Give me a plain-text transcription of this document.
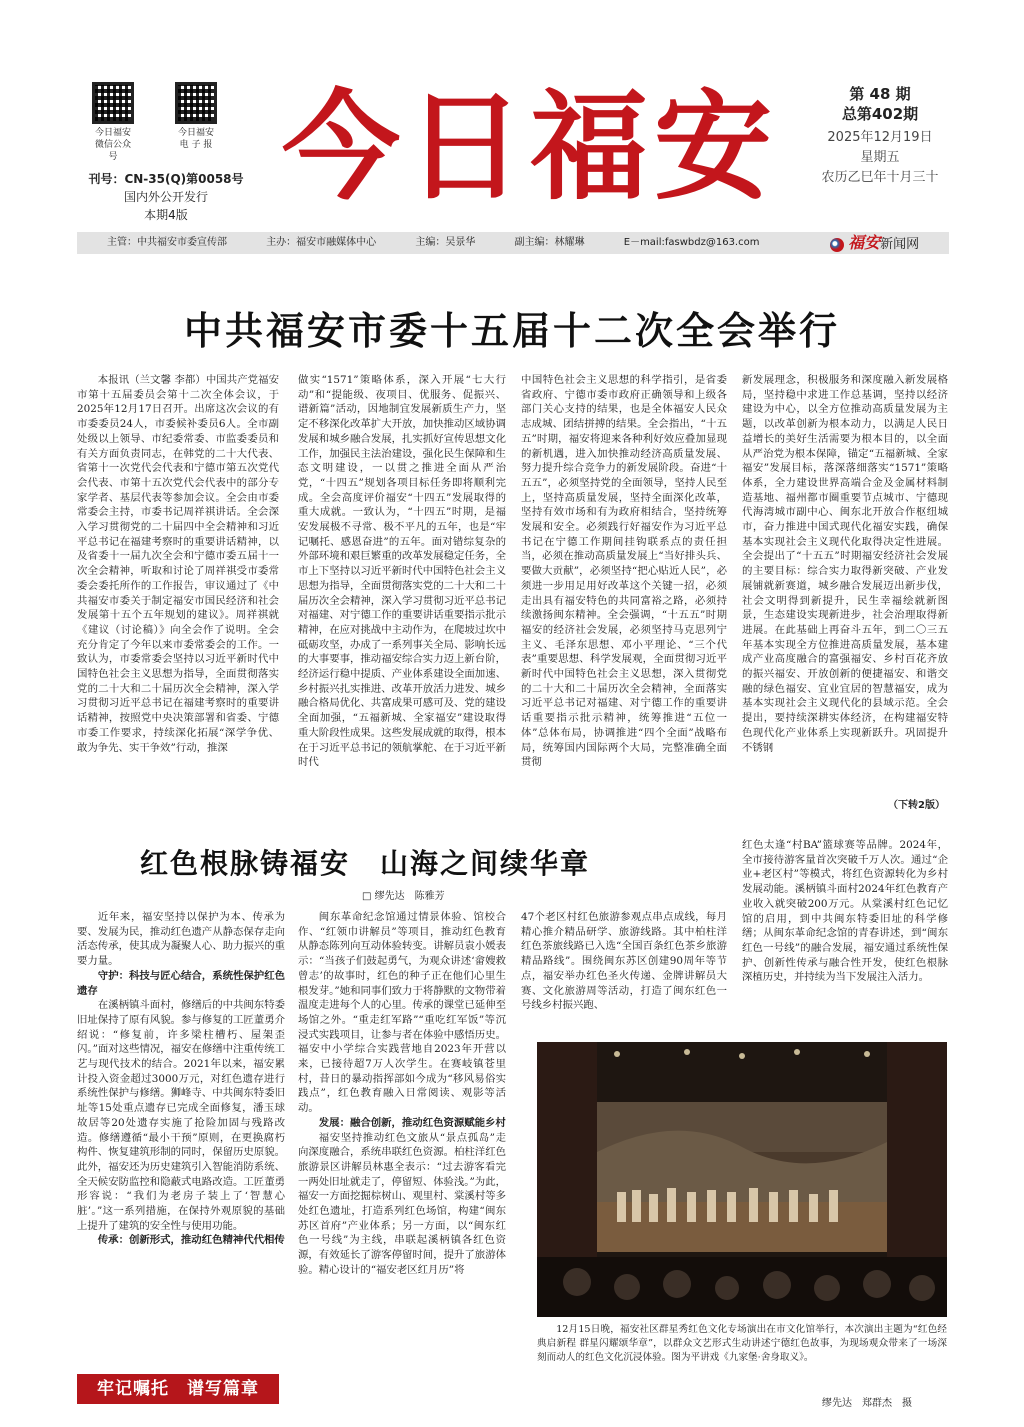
今日福安
微信公众号
今日福安
电 子 报
刊号：CN-35(Q)第0058号
国内外公开发行
本期4版 今日福安	第 48 期
总第402期
2025年12月19日
星期五
农历乙巳年十月三十
主管：中共福安市委宣传部	主办：福安市融媒体中心	主编：吴景华	副主编：林耀琳	E－mail:faswbdz@163.com	福安新闻网
中共福安市委十五届十二次全会举行

本报讯（兰文馨 李都）中国共产党福安市第十五届委员会第十二次全体会议，于2025年12月17日召开。出席这次会议的有市委委员24人，市委候补委员6人。全市副处级以上领导、市纪委常委、市监委委员和有关方面负责同志，在韩党的二十大代表、省第十一次党代会代表和宁德市第五次党代会代表、市第十五次党代会代表中的部分专家学者、基层代表等参加会议。全会由市委常委会主持，市委书记周祥祺讲话。全会深入学习贯彻党的二十届四中全会精神和习近平总书记在福建考察时的重要讲话精神，以及省委十一届九次全会和宁德市委五届十一次全会精神，听取和讨论了周祥祺受市委常委会委托所作的工作报告，审议通过了《中共福安市委关于制定福安市国民经济和社会发展第十五个五年规划的建议》。周祥祺就《建议（讨论稿）》向全会作了说明。全会充分肯定了今年以来市委常委会的工作。一致认为，市委常委会坚持以习近平新时代中国特色社会主义思想为指导，全面贯彻落实党的二十大和二十届历次全会精神，深入学习贯彻习近平总书记在福建考察时的重要讲话精神，按照党中央决策部署和省委、宁德市委工作要求，持续深化拓展“深学争优、敢为争先、实干争效”行动，推深

做实“1571”策略体系，深入开展“七大行动”和“提能级、夜项目、优服务、促振兴、谱新篇”活动，因地制宜发展新质生产力，坚定不移深化改革扩大开放，加快推动区域协调发展和城乡融合发展，扎实抓好宣传思想文化工作，加强民主法治建设，强化民生保障和生态文明建设，一以贯之推进全面从严治党，“十四五”规划各项目标任务即将顺利完成。全会高度评价福安“十四五”发展取得的重大成就。一致认为，“十四五”时期，是福安发展极不寻常、极不平凡的五年，也是“牢记嘱托、感恩奋进”的五年。面对错综复杂的外部环境和艰巨繁重的改革发展稳定任务，全市上下坚持以习近平新时代中国特色社会主义思想为指导，全面贯彻落实党的二十大和二十届历次全会精神，深入学习贯彻习近平总书记对福建、对宁德工作的重要讲话重要指示批示精神，在应对挑战中主动作为，在爬坡过坎中砥砺攻坚，办成了一系列事关全局、影响长远的大事要事，推动福安综合实力迈上新台阶，经济运行稳中提质、产业体系建设全面加速、乡村振兴扎实推进、改革开放活力进发、城乡融合格局优化、共富成果可感可及、党的建设全面加强，“五福新城、全家福安”建设取得重大阶段性成果。这些发展成就的取得，根本在于习近平总书记的领航掌舵、在于习近平新时代

中国特色社会主义思想的科学指引，是省委省政府、宁德市委市政府正确领导和上级各部门关心支持的结果，也是全体福安人民众志成城、团结拼搏的结果。全会指出，“十五五”时期，福安将迎来各种利好效应叠加显现的新机遇，进入加快推动经济高质量发展、努力提升综合竞争力的新发展阶段。奋进“十五五”，必须坚持党的全面领导，坚持人民至上，坚持高质量发展，坚持全面深化改革，坚持有效市场和有为政府相结合，坚持统筹发展和安全。必须践行好福安作为习近平总书记在宁德工作期间挂钩联系点的责任担当，必须在推动高质量发展上“当好排头兵、要做大贡献”，必须坚持“把心贴近人民”，必须进一步用足用好改革这个关键一招，必须走出具有福安特色的共同富裕之路，必须持续激扬闽东精神。全会强调，“十五五”时期福安的经济社会发展，必须坚持马克思列宁主义、毛泽东思想、邓小平理论、“三个代表”重要思想、科学发展观，全面贯彻习近平新时代中国特色社会主义思想，深入贯彻党的二十大和二十届历次全会精神，全面落实习近平总书记对福建、对宁德工作的重要讲话重要指示批示精神，统筹推进“五位一体”总体布局，协调推进“四个全面”战略布局，统筹国内国际两个大局，完整准确全面贯彻

新发展理念，积极服务和深度融入新发展格局，坚持稳中求进工作总基调，坚持以经济建设为中心，以全方位推动高质量发展为主题，以改革创新为根本动力，以满足人民日益增长的美好生活需要为根本目的，以全面从严治党为根本保障，锚定“五福新城、全家福安”发展目标，落深落细落实“1571”策略体系，全力建设世界高端合金及金属材料制造基地、福州都市圈重要节点城市、宁德现代海湾城市副中心、闽东北开放合作枢纽城市，奋力推进中国式现代化福安实践，确保基本实现社会主义现代化取得决定性进展。全会提出了“十五五”时期福安经济社会发展的主要目标：综合实力取得新突破、产业发展铺就新赛道，城乡融合发展迈出新步伐，社会文明得到新提升，民生幸福绘就新图景，生态建设实现新进步，社会治理取得新进展。在此基础上再奋斗五年，到二〇三五年基本实现全方位推进高质量发展，基本建成产业高度融合的富强福安、乡村百花齐放的振兴福安、开放创新的便捷福安、和谐交融的绿色福安、宜业宜居的智慧福安，成为基本实现社会主义现代化的县域示范。全会提出，要持续深耕实体经济，在构建福安特色现代化产业体系上实现新跃升。巩固提升不锈钢

（下转2版）
红色根脉铸福安　山海之间续华章
□ 缪先达　陈雅芳

近年来，福安坚持以保护为本、传承为要、发展为民，推动红色遗产从静态保存走向活态传承，使其成为凝聚人心、助力振兴的重要力量。

守护：科技与匠心结合，系统性保护红色遗存

在溪柄镇斗面村，修缮后的中共闽东特委旧址保持了原有风貌。参与修复的工匠董勇介绍说：“修复前，许多梁柱槽朽、屋架歪闪。”面对这些情况，福安在修缮中注重传统工艺与现代技术的结合。2021年以来，福安累计投入资金超过3000万元，对红色遗存进行系统性保护与修缮。狮峰寺、中共闽东特委旧址等15处重点遗存已完成全面修复，潘玉球故居等20处遗存实施了抢险加固与残路改造。修缮遵循“最小干预”原则，在更换腐朽构件、恢复建筑形制的同时，保留历史原貌。此外，福安还为历史建筑引入智能消防系统、全天候安防监控和隐蔽式电路改造。工匠董勇形容说：“我们为老房子装上了‘智慧心脏’。”这一系列措施，在保持外观原貌的基础上提升了建筑的安全性与使用功能。

传承：创新形式，推动红色精神代代相传

牢记嘱托　谱写篇章

闽东革命纪念馆通过情景体验、馆校合作、“红领巾讲解员”等项目，推动红色教育从静态陈列向互动体验转变。讲解员袁小媛表示：“当孩子们鼓起勇气，为观众讲述‘畲嫂救曾志’的故事时，红色的种子正在他们心里生根发芽。”她和同事们致力于将静默的文物带着温度走进每个人的心里。传承的课堂已延伸至场馆之外。“重走红军路”“重吃红军饭”等沉浸式实践项目，让参与者在体验中感悟历史。福安中小学综合实践营地自2023年开营以来，已接待超7万人次学生。在赛岐镇苍里村，昔日的暴动指挥部如今成为“移风易俗实践点”，红色教育融入日常阅读、观影等活动。

发展：融合创新，推动红色资源赋能乡村

福安坚持推动红色文旅从“景点孤岛”走向深度融合，系统串联红色资源。柏柱洋红色旅游景区讲解员林惠全表示：“过去游客看完一两处旧址就走了，停留短、体验浅。”为此，福安一方面挖掘棕树山、观里村、棠溪村等多处红色遗址，打造系列红色场馆，构建“闽东苏区首府”产业体系；另一方面，以“闽东红色一号线”为主线，串联起溪柄镇各红色资源，有效延长了游客停留时间，提升了旅游体验。精心设计的“福安老区红月历”将

47个老区村红色旅游参观点串点成线，每月精心推介精品研学、旅游线路。其中柏柱洋红色茶旅线路已入选“全国百条红色茶乡旅游精品路线”。围绕闽东苏区创建90周年等节点，福安举办红色圣火传递、金牌讲解员大赛、文化旅游周等活动，打造了闽东红色一号线乡村振兴跑、

红色太逢“村BA”篮球赛等品牌。2024年，全市接待游客量首次突破千万人次。通过“企业+老区村”等模式，将红色资源转化为乡村发展动能。溪柄镇斗面村2024年红色教育产业收入就突破200万元。从棠溪村红色记忆馆的启用，到中共闽东特委旧址的科学修缮；从闽东革命纪念馆的青春讲述，到“闽东红色一号线”的融合发展，福安通过系统性保护、创新性传承与融合性开发，使红色根脉深植历史，并持续为当下发展注入活力。

12月15日晚，福安社区群星秀红色文化专场演出在市文化馆举行，本次演出主题为“红色经典启新程 群星闪耀颂华章”，以群众文艺形式生动讲述宁德红色故事，为现场观众带来了一场深刻而动人的红色文化沉浸体验。图为平讲戏《九家堡·舍身取义》。
缪先达　郑群杰　摄
